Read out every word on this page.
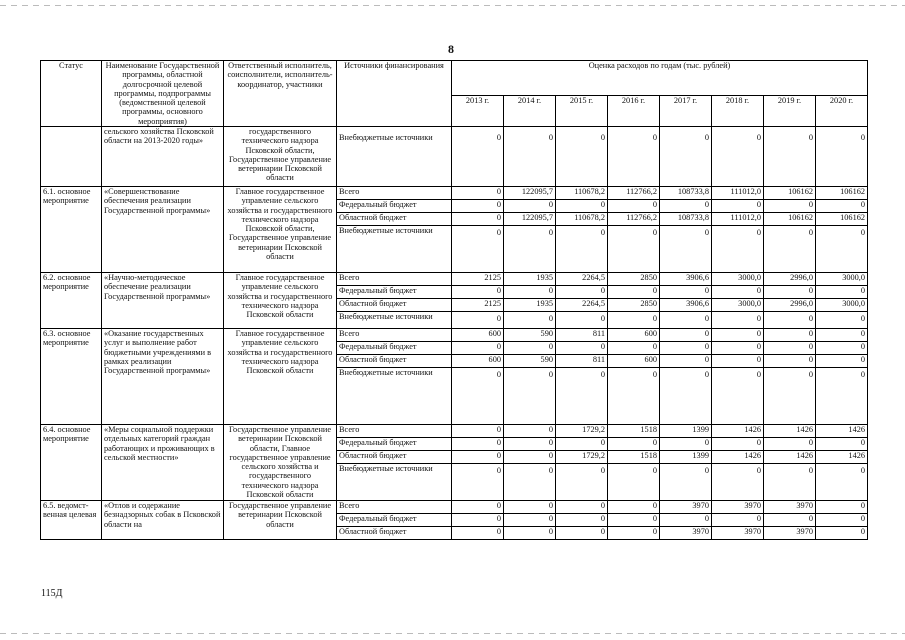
8
Статус	Наименование Государственной программы, областной долгосрочной целевой программы, подпрограммы (ведомственной целевой программы, основного мероприятия)	Ответственный исполнитель, соисполнители, исполнитель-координатор, участники	Источники финансирования	Оценка расходов по годам (тыс. рублей)							
				2013 г.	2014 г.	2015 г.	2016 г.	2017 г.	2018 г.	2019 г.	2020 г.
	сельского хозяйства Псковской области на 2013-2020 годы»	государственного технического надзора Псковской области, Государственное управление ветеринарии Псковской области	Внебюджетные источники	0	0	0	0	0	0	0	0
6.1. основное мероприятие	«Совершенствование обеспечения реализации Государственной программы»	Главное государственное управление сельского хозяйства и государственного технического надзора Псковской области, Государственное управление ветеринарии Псковской области	Всего	0	122095,7	110678,2	112766,2	108733,8	111012,0	106162	106162
			Федеральный бюджет	0	0	0	0	0	0	0	0
			Областной бюджет	0	122095,7	110678,2	112766,2	108733,8	111012,0	106162	106162
			Внебюджетные источники	0	0	0	0	0	0	0	0
6.2. основное мероприятие	«Научно-методическое обеспечение реализации Государственной программы»	Главное государственное управление сельского хозяйства и государственного технического надзора Псковской области	Всего	2125	1935	2264,5	2850	3906,6	3000,0	2996,0	3000,0
			Федеральный бюджет	0	0	0	0	0	0	0	0
			Областной бюджет	2125	1935	2264,5	2850	3906,6	3000,0	2996,0	3000,0
			Внебюджетные источники	0	0	0	0	0	0	0	0
6.3. основное мероприятие	«Оказание государственных услуг и выполнение работ бюджетными учреждениями в рамках реализации Государственной программы»	Главное государственное управление сельского хозяйства и государственного технического надзора Псковской области	Всего	600	590	811	600	0	0	0	0
			Федеральный бюджет	0	0	0	0	0	0	0	0
			Областной бюджет	600	590	811	600	0	0	0	0
			Внебюджетные источники	0	0	0	0	0	0	0	0
6.4. основное мероприятие	«Меры социальной поддержки отдельных категорий граждан работающих и проживающих в сельской местности»	Государственное управление ветеринарии Псковской области, Главное государственное управление сельского хозяйства и государственного технического надзора Псковской области	Всего	0	0	1729,2	1518	1399	1426	1426	1426
			Федеральный бюджет	0	0	0	0	0	0	0	0
			Областной бюджет	0	0	1729,2	1518	1399	1426	1426	1426
			Внебюджетные источники	0	0	0	0	0	0	0	0
6.5. ведомст-венная целевая	«Отлов и содержание безнадзорных собак в Псковской области на	Государственное управление ветеринарии Псковской области	Всего	0	0	0	0	3970	3970	3970	0
			Федеральный бюджет	0	0	0	0	0	0	0	0
			Областной бюджет	0	0	0	0	3970	3970	3970	0
115Д
